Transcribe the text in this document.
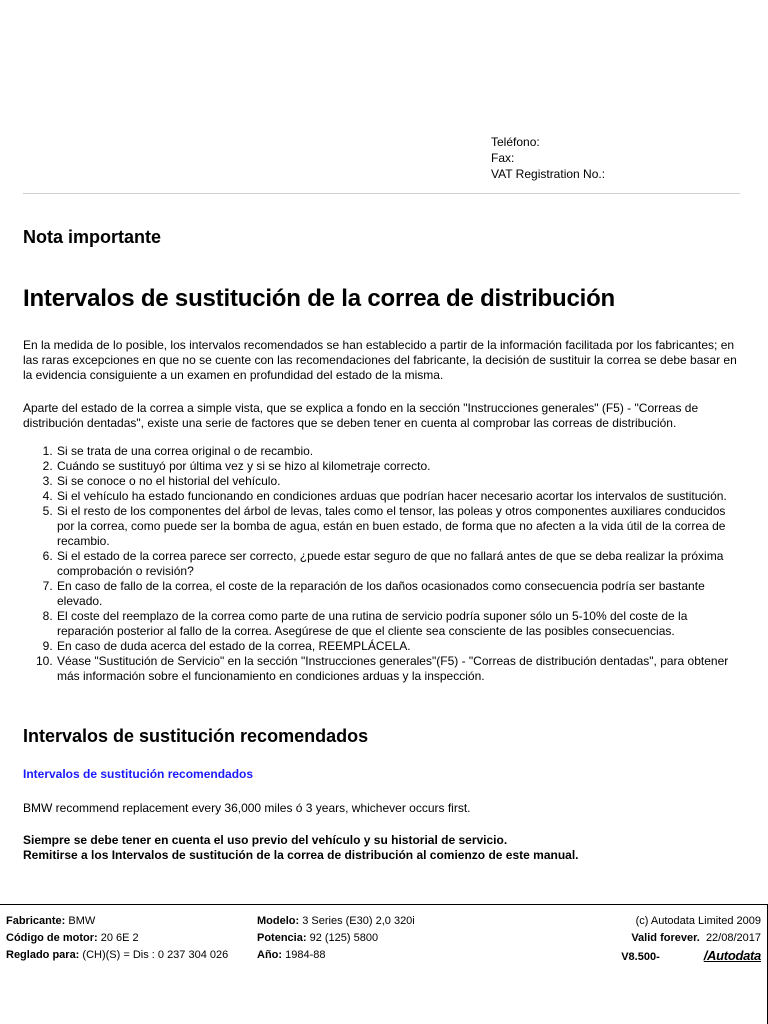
Teléfono:
Fax:
VAT Registration No.:
Nota importante
Intervalos de sustitución de la correa de distribución

En la medida de lo posible, los intervalos recomendados se han establecido a partir de la información facilitada por los fabricantes; en las raras excepciones en que no se cuente con las recomendaciones del fabricante, la decisión de sustituir la correa se debe basar en la evidencia consiguiente a un examen en profundidad del estado de la misma.

Aparte del estado de la correa a simple vista, que se explica a fondo en la sección "Instrucciones generales" (F5) - "Correas de distribución dentadas", existe una serie de factores que se deben tener en cuenta al comprobar las correas de distribución.

1. Si se trata de una correa original o de recambio.
2. Cuándo se sustituyó por última vez y si se hizo al kilometraje correcto.
3. Si se conoce o no el historial del vehículo.
4. Si el vehículo ha estado funcionando en condiciones arduas que podrían hacer necesario acortar los intervalos de sustitución.
5. Si el resto de los componentes del árbol de levas, tales como el tensor, las poleas y otros componentes auxiliares conducidos por la correa, como puede ser la bomba de agua, están en buen estado, de forma que no afecten a la vida útil de la correa de recambio.
6. Si el estado de la correa parece ser correcto, ¿puede estar seguro de que no fallará antes de que se deba realizar la próxima comprobación o revisión?
7. En caso de fallo de la correa, el coste de la reparación de los daños ocasionados como consecuencia podría ser bastante elevado.
8. El coste del reemplazo de la correa como parte de una rutina de servicio podría suponer sólo un 5-10% del coste de la reparación posterior al fallo de la correa. Asegúrese de que el cliente sea consciente de las posibles consecuencias.
9. En caso de duda acerca del estado de la correa, REEMPLÁCELA.
10. Véase "Sustitución de Servicio" en la sección "Instrucciones generales"(F5) - "Correas de distribución dentadas", para obtener más información sobre el funcionamiento en condiciones arduas y la inspección.
Intervalos de sustitución recomendados
Intervalos de sustitución recomendados

BMW recommend replacement every 36,000 miles ó 3 years, whichever occurs first.

Siempre se debe tener en cuenta el uso previo del vehículo y su historial de servicio.
Remitirse a los Intervalos de sustitución de la correa de distribución al comienzo de este manual.

Fabricante: BMW
Código de motor: 20 6E 2
Reglado para: (CH)(S) = Dis : 0 237 304 026
Modelo: 3 Series (E30) 2,0 320i
Potencia: 92 (125) 5800
Año: 1984-88
(c) Autodata Limited 2009
Valid forever. 22/08/2017
V8.500-	/Autodata
